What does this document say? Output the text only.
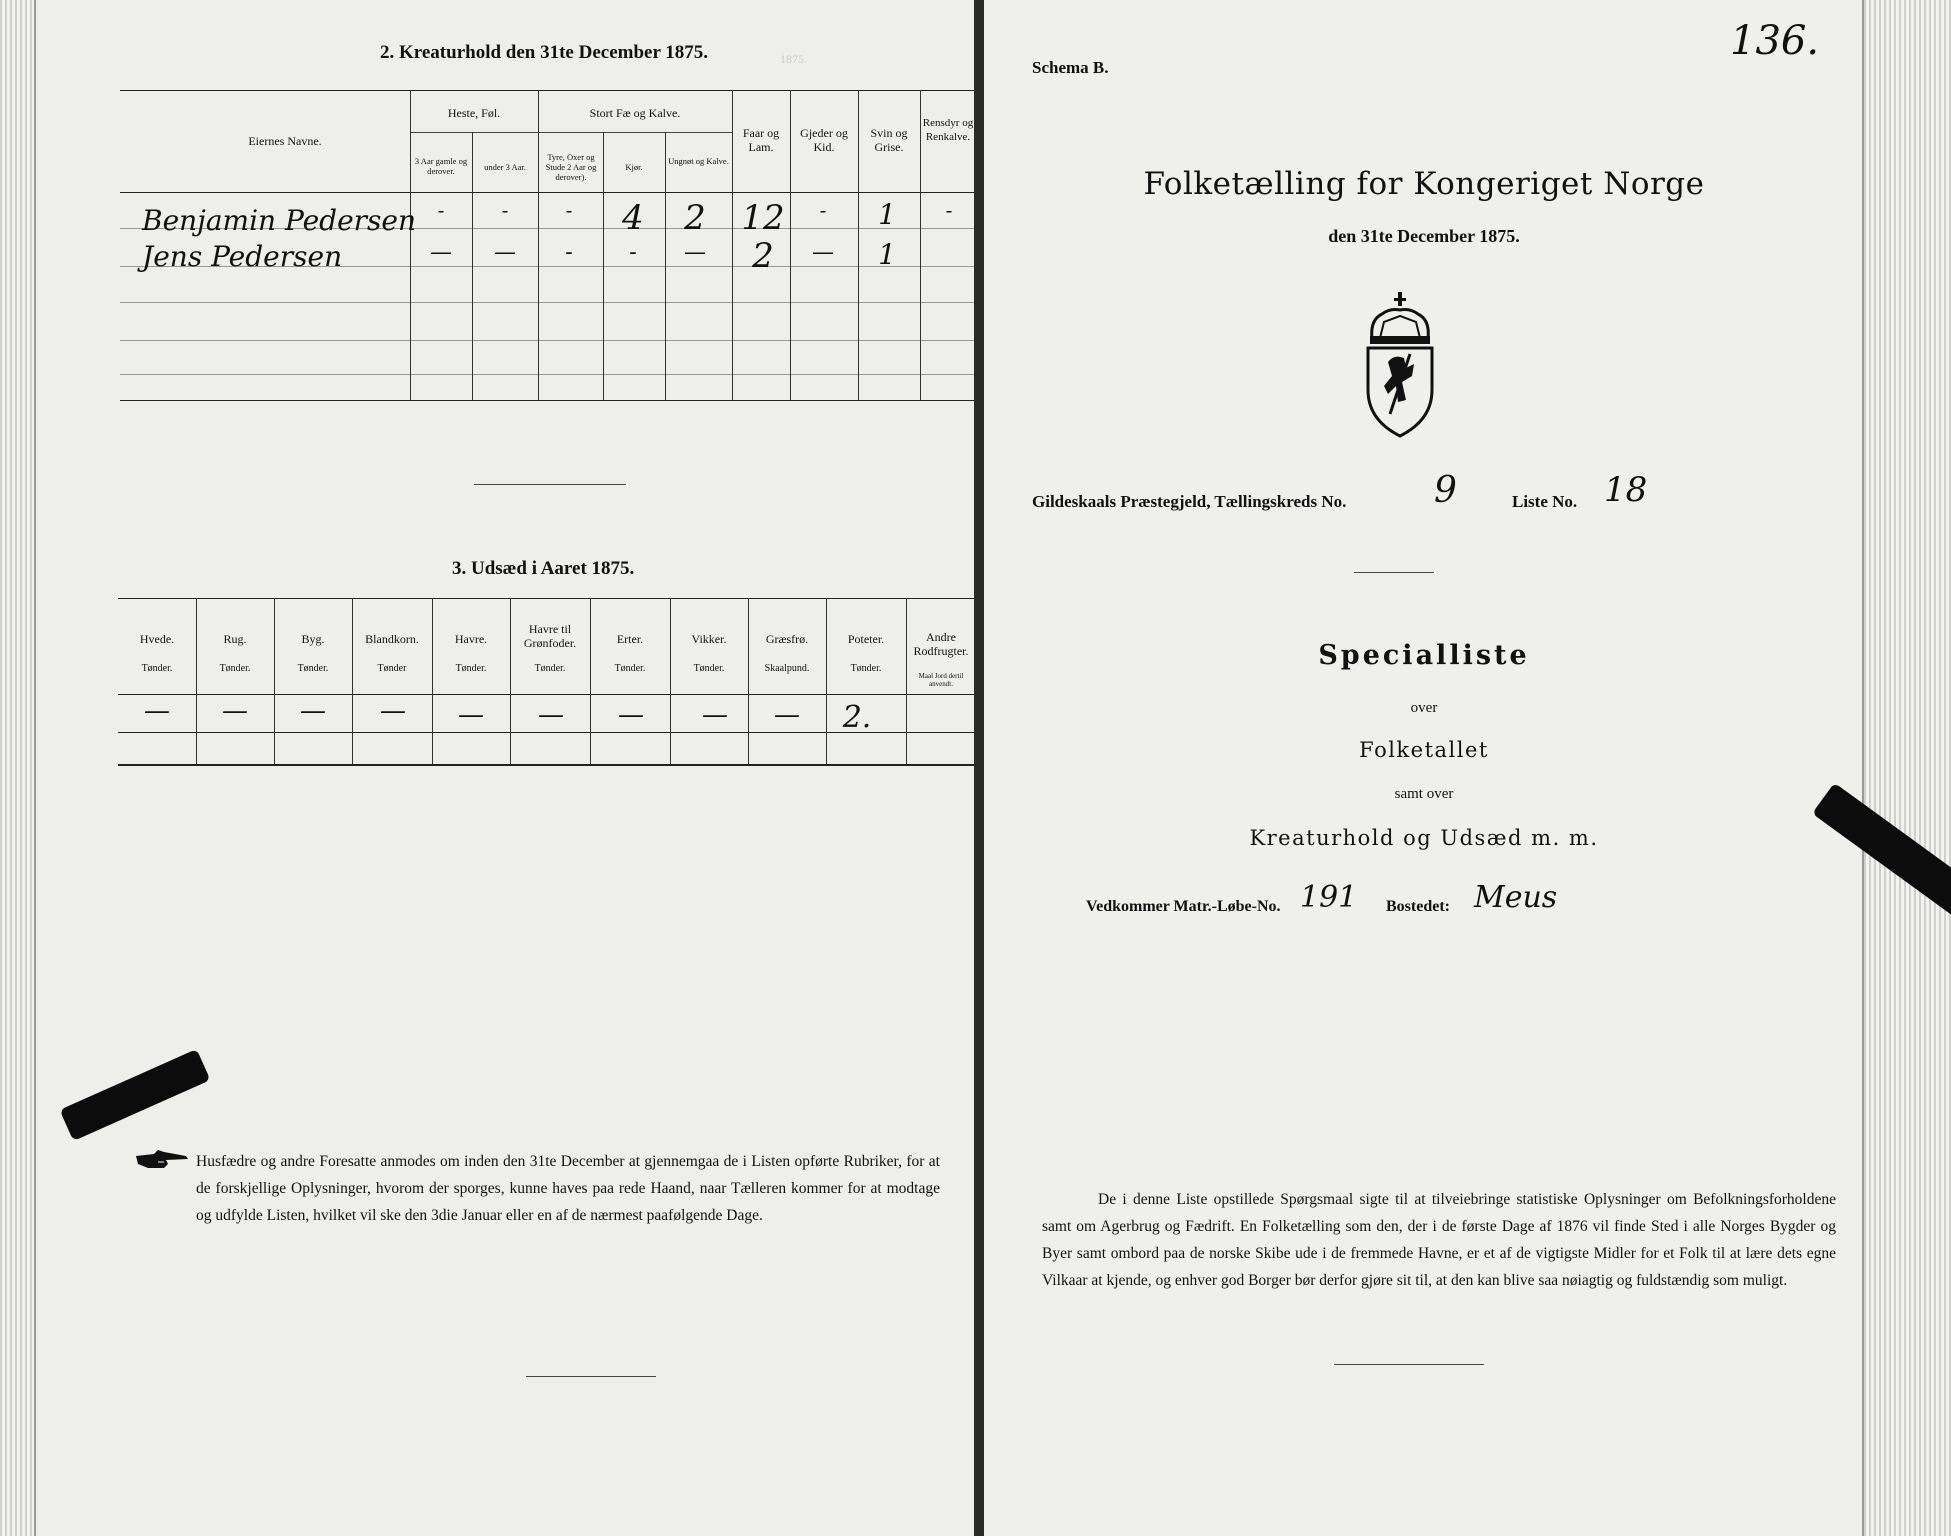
1875.
2. Kreaturhold den 31te December 1875.
Eiernes Navne.
Heste, Føl.
3 Aar gamle og derover.	under 3 Aar.
Stort Fæ og Kalve.
Tyre, Oxer og Stude 2 Aar og derover).
Kjør.
Ungnøt og Kalve.
Faar og Lam.
Gjeder og Kid.
Svin og Grise.
Rensdyr og Renkalve.
Benjamin Pedersen	-	-	-	4	2	12	-	1	-
Jens Pedersen	—	—	-	-	—	2	—	1
3. Udsæd i Aaret 1875.
Hvede.
Tønder.
Rug.
Tønder.
Byg.
Tønder.
Blandkorn.
Tønder
Havre.
Tønder.
Havre til Grønfoder.
Tønder.
Erter.
Tønder.
Vikker.
Tønder.
Græsfrø.
Skaalpund.
Poteter.
Tønder.
Andre Rodfrugter.
Maal Jord dertil anvendt.
—	—	—	—	—	—	—	—	—	2.
Husfædre og andre Foresatte anmodes om inden den 31te December at gjennemgaa de i Listen opførte Rubriker, for at de forskjellige Oplysninger, hvorom der sporges, kunne haves paa rede Haand, naar Tælleren kommer for at modtage og udfylde Listen, hvilket vil ske den 3die Januar eller en af de nærmest paafølgende Dage.
Schema B.
136.
Folketælling for Kongeriget Norge
den 31te December 1875.
Gildeskaals Præstegjeld, Tællingskreds No. 9	Liste No. 18
Specialliste
over
Folketallet
samt over
Kreaturhold og Udsæd m. m.
Vedkommer Matr.-Løbe-No. 191 Bostedet: Meus
De i denne Liste opstillede Spørgsmaal sigte til at tilveiebringe statistiske Oplysninger om Befolkningsforholdene samt om Agerbrug og Fædrift. En Folketælling som den, der i de første Dage af 1876 vil finde Sted i alle Norges Bygder og Byer samt ombord paa de norske Skibe ude i de fremmede Havne, er et af de vigtigste Midler for et Folk til at lære dets egne Vilkaar at kjende, og enhver god Borger bør derfor gjøre sit til, at den kan blive saa nøiagtig og fuldstændig som muligt.
